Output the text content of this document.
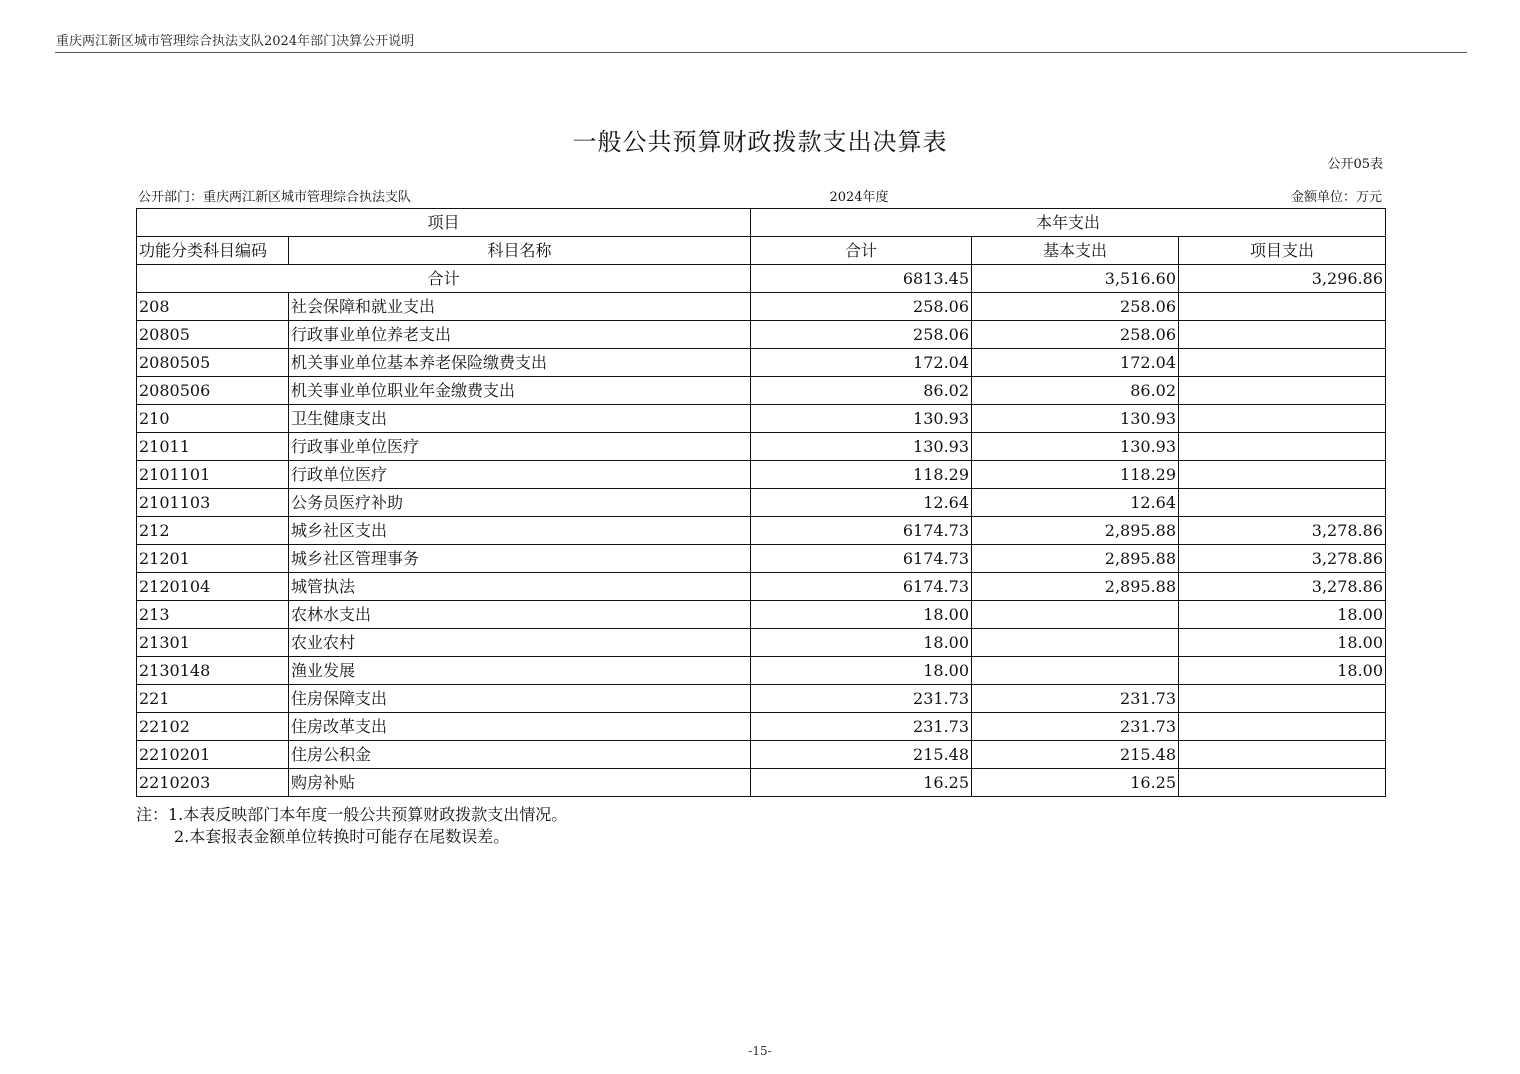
重庆两江新区城市管理综合执法支队2024年部门决算公开说明
一般公共预算财政拨款支出决算表
公开05表
公开部门：重庆两江新区城市管理综合执法支队	2024年度	金额单位：万元
项目		本年支出		
功能分类科目编码	科目名称	合计	基本支出	项目支出
合计		6813.45	3,516.60	3,296.86
208	社会保障和就业支出	258.06	258.06	
20805	行政事业单位养老支出	258.06	258.06	
2080505	机关事业单位基本养老保险缴费支出	172.04	172.04	
2080506	机关事业单位职业年金缴费支出	86.02	86.02	
210	卫生健康支出	130.93	130.93	
21011	行政事业单位医疗	130.93	130.93	
2101101	行政单位医疗	118.29	118.29	
2101103	公务员医疗补助	12.64	12.64	
212	城乡社区支出	6174.73	2,895.88	3,278.86
21201	城乡社区管理事务	6174.73	2,895.88	3,278.86
2120104	城管执法	6174.73	2,895.88	3,278.86
213	农林水支出	18.00		18.00
21301	农业农村	18.00		18.00
2130148	渔业发展	18.00		18.00
221	住房保障支出	231.73	231.73	
22102	住房改革支出	231.73	231.73	
2210201	住房公积金	215.48	215.48	
2210203	购房补贴	16.25	16.25	
注：1.本表反映部门本年度一般公共预算财政拨款支出情况。
2.本套报表金额单位转换时可能存在尾数误差。
-15-
